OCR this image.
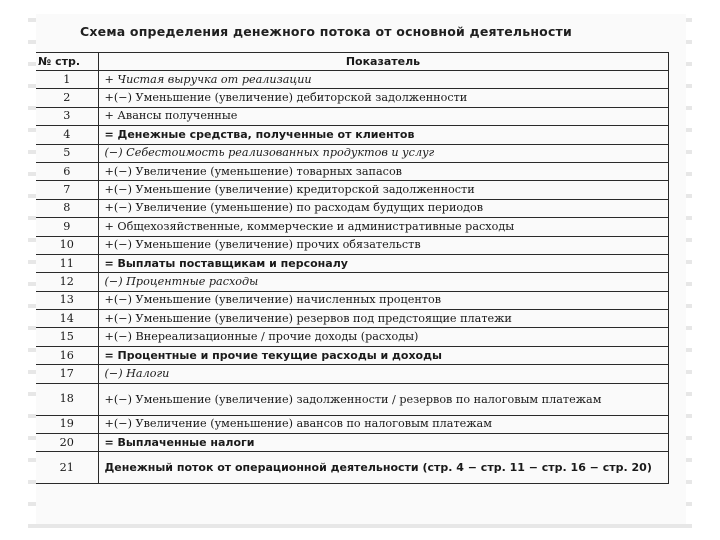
Схема определения денежного потока от основной деятельности
№ стр.	Показатель
1	+ Чистая выручка от реализации
2	+(−) Уменьшение (увеличение) дебиторской задолженности
3	+ Авансы полученные
4	= Денежные средства, полученные от клиентов
5	(−) Себестоимость реализованных продуктов и услуг
6	+(−) Увеличение (уменьшение) товарных запасов
7	+(−) Уменьшение (увеличение) кредиторской задолженности
8	+(−) Увеличение (уменьшение) по расходам будущих периодов
9	+ Общехозяйственные, коммерческие и административные расходы
10	+(−) Уменьшение (увеличение) прочих обязательств
11	= Выплаты поставщикам и персоналу
12	(−) Процентные расходы
13	+(−) Уменьшение (увеличение) начисленных процентов
14	+(−) Уменьшение (увеличение) резервов под предстоящие платежи
15	+(−) Внереализационные / прочие доходы (расходы)
16	= Процентные и прочие текущие расходы и доходы
17	(−) Налоги
18	+(−) Уменьшение (увеличение) задолженности / резервов по налоговым платежам
19	+(−) Увеличение (уменьшение) авансов по налоговым платежам
20	= Выплаченные налоги
21	Денежный поток от операционной деятельности (стр. 4 − стр. 11 − стр. 16 − стр. 20)
